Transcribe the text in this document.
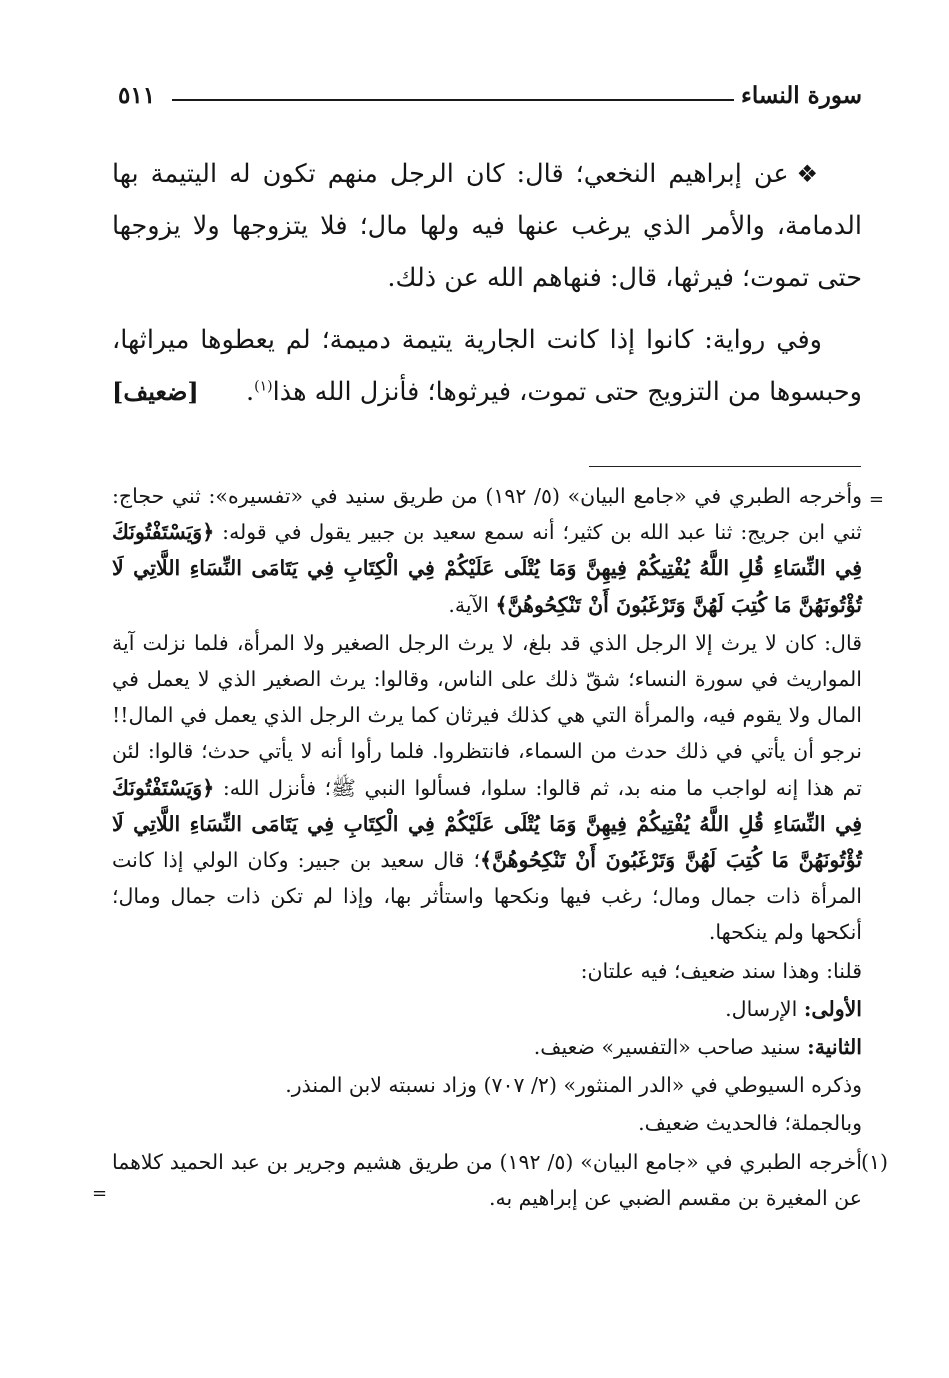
سورة النساء
٥١١

❖عن إبراهيم النخعي؛ قال: كان الرجل منهم تكون له اليتيمة بها الدمامة، والأمر الذي يرغب عنها فيه ولها مال؛ فلا يتزوجها ولا يزوجها حتى تموت؛ فيرثها، قال: فنهاهم الله عن ذلك.

وفي رواية: كانوا إذا كانت الجارية يتيمة دميمة؛ لم يعطوها ميراثها، وحبسوها من التزويج حتى تموت، فيرثوها؛ فأنزل الله هذا$^{(١)}$.
[ضعيف]

=
وأخرجه الطبري في «جامع البيان» (٥/ ١٩٢) من طريق سنيد في «تفسيره»: ثني حجاج: ثني ابن جريج: ثنا عبد الله بن كثير؛ أنه سمع سعيد بن جبير يقول في قوله: ﴿وَيَسْتَفْتُونَكَ فِي النِّسَاءِ قُلِ اللَّهُ يُفْتِيكُمْ فِيهِنَّ وَمَا يُتْلَى عَلَيْكُمْ فِي الْكِتَابِ فِي يَتَامَى النِّسَاءِ اللَّاتِي لَا تُؤْتُونَهُنَّ مَا كُتِبَ لَهُنَّ وَتَرْغَبُونَ أَنْ تَنْكِحُوهُنَّ﴾ الآية.

قال: كان لا يرث إلا الرجل الذي قد بلغ، لا يرث الرجل الصغير ولا المرأة، فلما نزلت آية المواريث في سورة النساء؛ شقّ ذلك على الناس، وقالوا: يرث الصغير الذي لا يعمل في المال ولا يقوم فيه، والمرأة التي هي كذلك فيرثان كما يرث الرجل الذي يعمل في المال!! نرجو أن يأتي في ذلك حدث من السماء، فانتظروا. فلما رأوا أنه لا يأتي حدث؛ قالوا: لئن تم هذا إنه لواجب ما منه بد، ثم قالوا: سلوا، فسألوا النبي ﷺ؛ فأنزل الله: ﴿وَيَسْتَفْتُونَكَ فِي النِّسَاءِ قُلِ اللَّهُ يُفْتِيكُمْ فِيهِنَّ وَمَا يُتْلَى عَلَيْكُمْ فِي الْكِتَابِ فِي يَتَامَى النِّسَاءِ اللَّاتِي لَا تُؤْتُونَهُنَّ مَا كُتِبَ لَهُنَّ وَتَرْغَبُونَ أَنْ تَنْكِحُوهُنَّ﴾؛ قال سعيد بن جبير: وكان الولي إذا كانت المرأة ذات جمال ومال؛ رغب فيها ونكحها واستأثر بها، وإذا لم تكن ذات جمال ومال؛ أنكحها ولم ينكحها.

قلنا: وهذا سند ضعيف؛ فيه علتان:

الأولى: الإرسال.

الثانية: سنيد صاحب «التفسير» ضعيف.

وذكره السيوطي في «الدر المنثور» (٢/ ٧٠٧) وزاد نسبته لابن المنذر.

وبالجملة؛ فالحديث ضعيف.

(١)
أخرجه الطبري في «جامع البيان» (٥/ ١٩٢) من طريق هشيم وجرير بن عبد الحميد كلاهما عن المغيرة بن مقسم الضبي عن إبراهيم به.
=
